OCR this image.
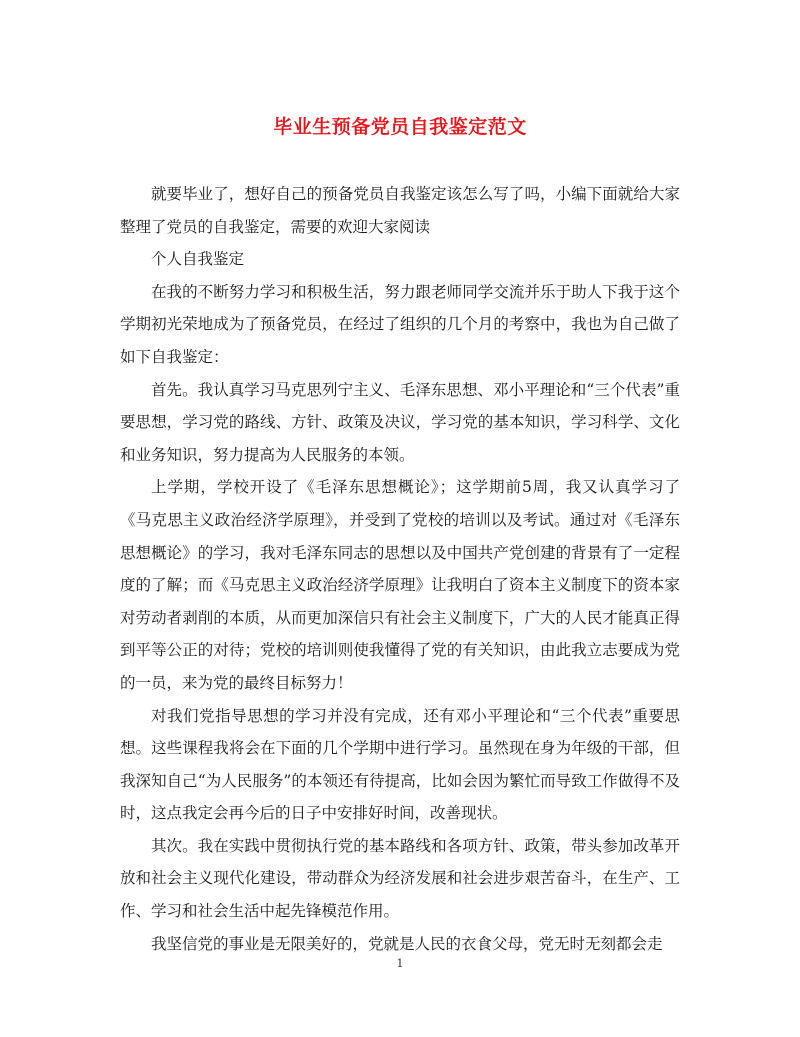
毕业生预备党员自我鉴定范文

就要毕业了，想好自己的预备党员自我鉴定该怎么写了吗，小编下面就给大家整理了党员的自我鉴定，需要的欢迎大家阅读

个人自我鉴定

在我的不断努力学习和积极生活，努力跟老师同学交流并乐于助人下我于这个学期初光荣地成为了预备党员，在经过了组织的几个月的考察中，我也为自己做了如下自我鉴定：

首先。我认真学习马克思列宁主义、毛泽东思想、邓小平理论和“三个代表”重要思想，学习党的路线、方针、政策及决议，学习党的基本知识，学习科学、文化和业务知识，努力提高为人民服务的本领。

上学期，学校开设了《毛泽东思想概论》；这学期前5周，我又认真学习了《马克思主义政治经济学原理》，并受到了党校的培训以及考试。通过对《毛泽东思想概论》的学习，我对毛泽东同志的思想以及中国共产党创建的背景有了一定程度的了解；而《马克思主义政治经济学原理》让我明白了资本主义制度下的资本家对劳动者剥削的本质，从而更加深信只有社会主义制度下，广大的人民才能真正得到平等公正的对待；党校的培训则使我懂得了党的有关知识，由此我立志要成为党的一员，来为党的最终目标努力！

对我们党指导思想的学习并没有完成，还有邓小平理论和“三个代表”重要思想。这些课程我将会在下面的几个学期中进行学习。虽然现在身为年级的干部，但我深知自己“为人民服务”的本领还有待提高，比如会因为繁忙而导致工作做得不及时，这点我定会再今后的日子中安排好时间，改善现状。

其次。我在实践中贯彻执行党的基本路线和各项方针、政策，带头参加改革开放和社会主义现代化建设，带动群众为经济发展和社会进步艰苦奋斗，在生产、工作、学习和社会生活中起先锋模范作用。

我坚信党的事业是无限美好的，党就是人民的衣食父母，党无时无刻都会走

1
